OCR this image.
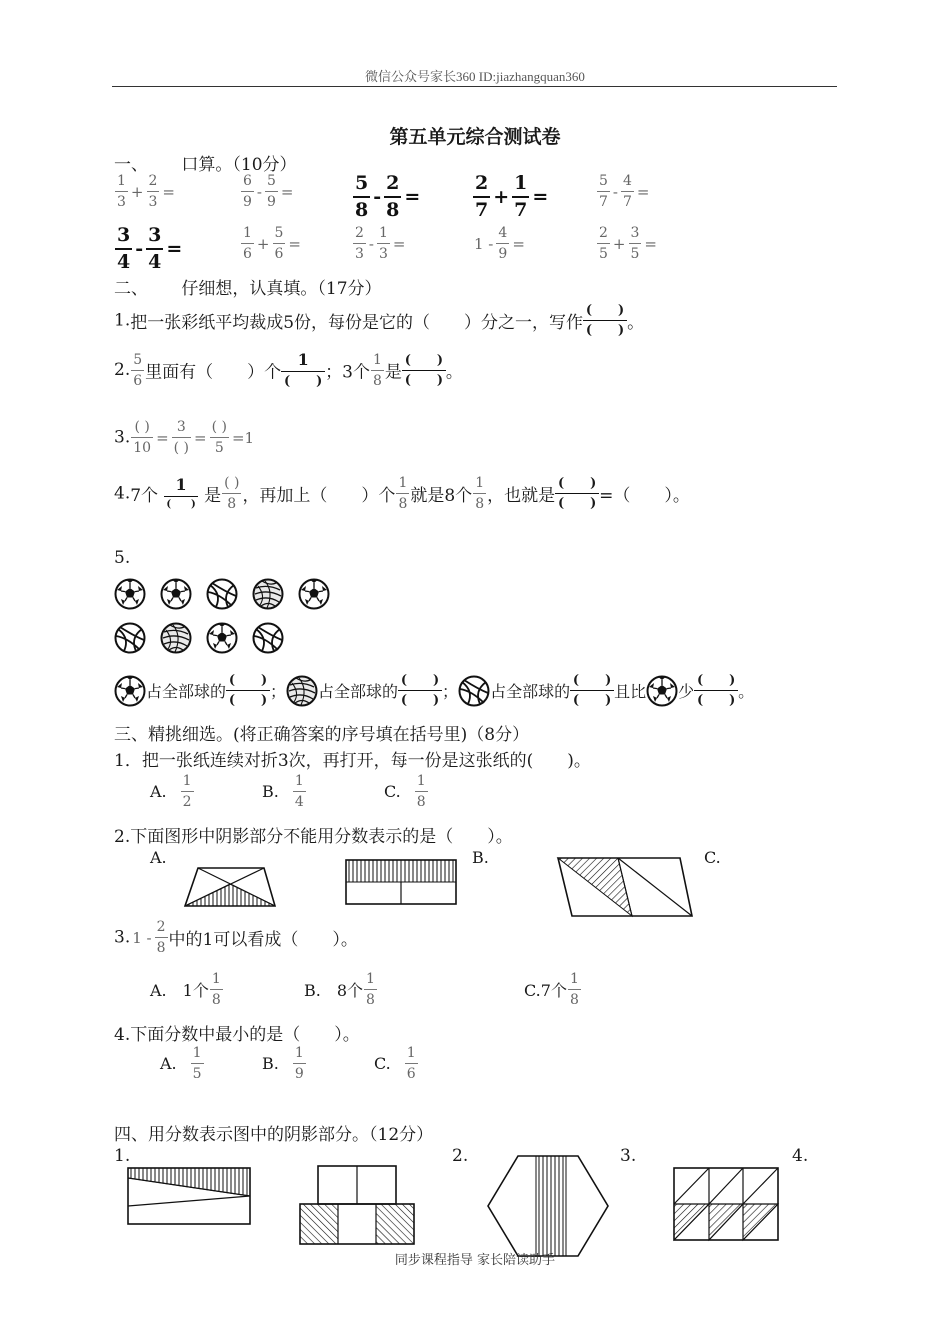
微信公众号家长360 ID:jiazhangquan360
第五单元综合测试卷
一、 口算。（10分）
$\frac{1}{3} + \frac{2}{3}$ =	$\frac{6}{9} - \frac{5}{9}$ =	$\frac{5}{8} - \frac{2}{8}$ =	$\frac{2}{7} + \frac{1}{7}$ =	$\frac{5}{7} - \frac{4}{7}$ =
$\frac{3}{4} - \frac{3}{4}$ =	$\frac{1}{6} + \frac{5}{6}$ =	$\frac{2}{3} - \frac{1}{3}$ =	$1 - \frac{4}{9}$ =	$\frac{2}{5} + \frac{3}{5}$ =
二、 仔细想，认真填。（17分）
1.把一张彩纸平均裁成5份，每份是它的（　　）分之一，写作
(　　)
(　　) 。
2. $\frac{5}{6}$ 里面有（　　）个
1
(　　) ；3个 $\frac{1}{8}$ 是
(　　)
(　　) 。
3. $\frac{( )}{10} = \frac{3}{( )} = \frac{( )}{5} =1$
4.7个
1
(　　) 是 $\frac{( )}{8}$ ，再加上（　　）个 $\frac{1}{8}$ 就是8个 $\frac{1}{8}$ ，也就是
(　　)
(　　) =（　　）。
5.
占全部球的
(　　)
(　　) ； 占全部球的
(　　)
(　　) ； 占全部球的
(　　)
(　　) 且比 少
(　　)
(　　) 。
三、精挑细选。(将正确答案的序号填在括号里)（8分）
1．把一张纸连续对折3次，再打开，每一份是这张纸的(　　)。
A. $\frac{1}{2}$	B. $\frac{1}{4}$	C. $\frac{1}{8}$
2.下面图形中阴影部分不能用分数表示的是（　　）。
A.	B.	C.
3. $1 - \frac{2}{8}$ 中的1可以看成（　　）。
A.　1个 $\frac{1}{8}$	B.　8个 $\frac{1}{8}$	C.7个 $\frac{1}{8}$
4.下面分数中最小的是（　　）。
A. $\frac{1}{5}$	B. $\frac{1}{9}$	C. $\frac{1}{6}$
四、用分数表示图中的阴影部分。（12分）
1.	2.	3.	4.
同步课程指导 家长陪读助手
